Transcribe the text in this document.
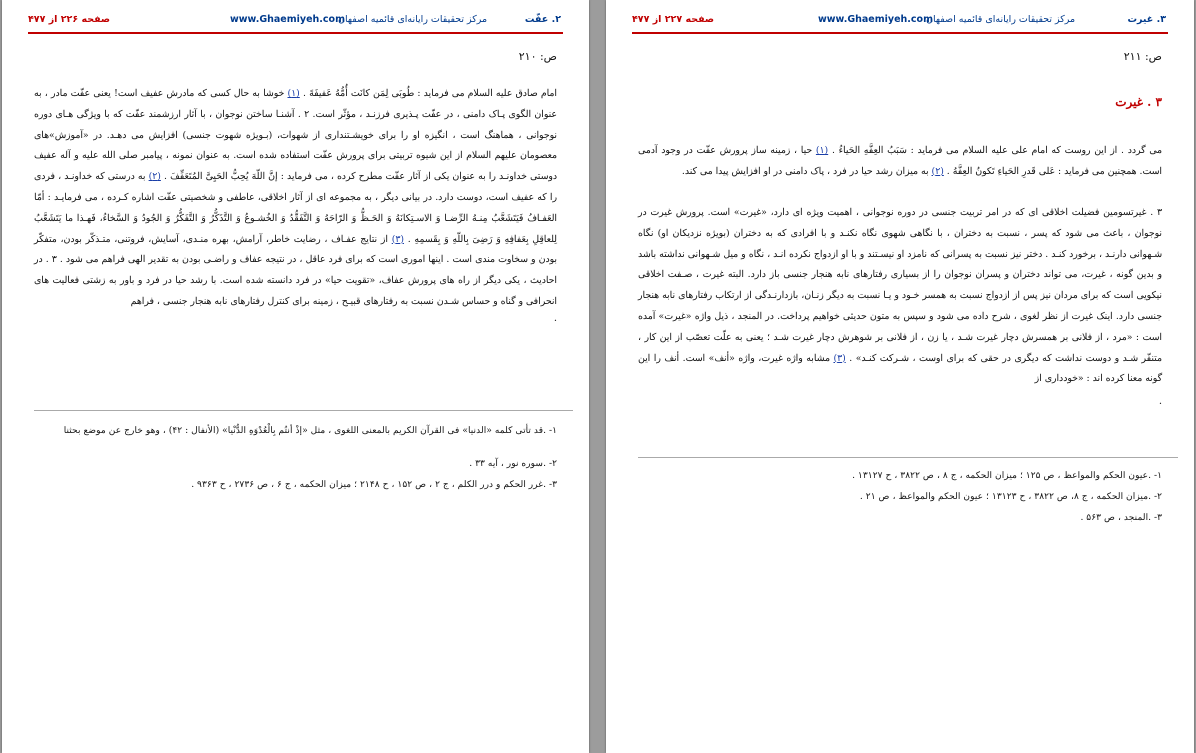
صفحه ۲۲۶ از ۴۷۷	www.Ghaemiyeh.com
مرکز تحقیقات رایانه‌ای قائمیه اصفهان	۲. عفّت

ص: ۲۱۰

امام صادق علیه السلام می فرماید : طُوبَی لِمَن کانَت أُمُّهُ عَفیفَهً . (۱) خوشا به حال کسی که مادرش عفیف است! یعنی عفّت مادر ، به عنوان الگوی پـاک دامنی ، در عفّت پـذیری فرزنـد ، مؤثّر است. ۲ . آشنـا ساختن نوجوان ، با آثار ارزشمند عفّت که با ویژگی هـای دوره نوجوانی ، هماهنگ است ، انگیزه او را برای خویشـتنداری از شهوات، (بـویژه شهوت جنسی) افزایش می دهـد. در «آموزش»های معصومان علیهم السلام از این شیوه تربیتی برای پرورش عفّت استفاده شده است. به عنوان نمونه ، پیامبر صلی الله علیه و آله عفیف دوستی خداونـد را به عنوان یکی از آثار عفّت مطرح کرده ، می فرماید : إنَّ اللّهَ یُحِبُّ الحَیِیَّ المُتَعَفِّفَ . (۲) به درستی که خداونـد ، فردی را که عفیف است، دوست دارد. در بیانی دیگر ، به مجموعه ای از آثار اخلاقی، عاطفی و شخصیتی عفّت اشاره کـرده ، می فرمایـد : أمّا العَفـافُ فَیَتَشَعَّبُ مِنـهُ الرِّضـا وَ الاسـتِکانَهُ وَ الحَـظُّ وَ الرّاحَهُ وَ التَّفَقُّدُ وَ الخُشـوعُ وَ التَّذَکُّرُ وَ التَّفَکُّرُ وَ الجُودُ وَ السَّخاءُ، فَهـذا ما یَتَشَعَّبُ لِلعاقِلِ بِعَفافِهِ وَ رَضِیَ بِاللّهِ وَ بِقَسمِهِ . (۳) از نتایج عفـاف ، رضایت خاطر، آرامش، بهره منـدی، آسایش، فروتنی، متـذکّر بودن، متفکّر بودن و سخاوت مندی است . اینها اموری است که برای فرد عاقل ، در نتیجه عفاف و راضـی بودن به تقدیر الهی فراهم می شود . ۳ . در احادیث ، یکی دیگر از راه های پرورش عفاف، «تقویت حیا» در فرد دانسته شده است. با رشد حیا در فرد و باور به زشتی فعالیت های انحرافی و گناه و حساس شـدن نسبت به رفتارهای قبیـح ، زمینه برای کنترل رفتارهای نابه هنجار جنسی ، فراهم

.

۱- .قد تأتی کلمه «الدنیا» فی القرآن الکریم بالمعنی اللغوی ، مثل «إذْ أنتُم بِالْعُدْوَهِ الدُّنْیا» (الأنفال : ۴۲) ، وهو خارج عن موضع بحثنا

۲- .سوره نور ، آیه ۳۳ .

۳- .غرر الحکم و درر الکلم ، ج ۲ ، ص ۱۵۲ ، ح ۲۱۴۸ ؛ میزان الحکمه ، ج ۶ ، ص ۲۷۳۶ ، ح ۹۳۶۳ .

صفحه ۲۲۷ از ۴۷۷	www.Ghaemiyeh.com
مرکز تحقیقات رایانه‌ای قائمیه اصفهان	۳. غیرت

ص: ۲۱۱

۳ . غیرت

می گردد . از این روست که امام علی علیه السلام می فرماید : سَبَبُ العِفَّهِ الحَیاءُ . (۱) حیا ، زمینه ساز پرورش عفّت در وجود آدمی است. همچنین می فرماید : عَلی قَدرِ الحَیاءِ تَکونُ العِفَّهُ . (۲) به میزان رشد حیا در فرد ، پاک دامنی در او افزایش پیدا می کند.

۳ . غیرتسومین فضیلت اخلاقی ای که در امر تربیت جنسی در دوره نوجوانی ، اهمیت ویژه ای دارد، «غیرت» است. پرورش غیرت در نوجوان ، باعث می شود که پسر ، نسبت به دختران ، با نگاهی شهوی نگاه نکنـد و با افرادی که به دختران (بویژه نزدیکان او) نگاه شـهوانی دارنـد ، برخورد کنـد . دختر نیز نسبت به پسرانی که نامزد او نیسـتند و با او ازدواج نکرده انـد ، نگاه و میل شـهوانی نداشته باشد و بدین گونه ، غیرت، می تواند دختران و پسران نوجوان را از بسیاری رفتارهای نابه هنجار جنسی باز دارد. البته غیرت ، صـفت اخلاقی نیکویی است که برای مردان نیز پس از ازدواج نسبت به همسر خـود و یـا نسبت به دیگر زنـان، بازدارنـدگی از ارتکاب رفتارهای نابه هنجار جنسی دارد. اینک غیرت از نظر لغوی ، شرح داده می شود و سپس به متون حدیثی خواهیم پرداخت. در المنجد ، ذیل واژه «غیرت» آمده است : «مرد ، از فلانی بر همسرش دچار غیرت شـد ، یا زن ، از فلانی بر شوهرش دچار غیرت شـد ؛ یعنی به علّت تعصّب از این کار ، متنفّر شـد و دوست نداشت که دیگری در حقی که برای اوست ، شـرکت کنـد» . (۳) مشابه واژه غیرت، واژه «أنف» است. أنف را این گونه معنا کرده اند : «خودداری از

.

۱- .عیون الحکم والمواعظ ، ص ۱۲۵ ؛ میزان الحکمه ، ج ۸ ، ص ۳۸۲۲ ، ح ۱۳۱۲۷ .

۲- .میزان الحکمه ، ج ۸، ص ۳۸۲۲ ، ح ۱۳۱۲۳ ؛ عیون الحکم والمواعظ ، ص ۲۱ .

۳- .المنجد ، ص ۵۶۳ .
